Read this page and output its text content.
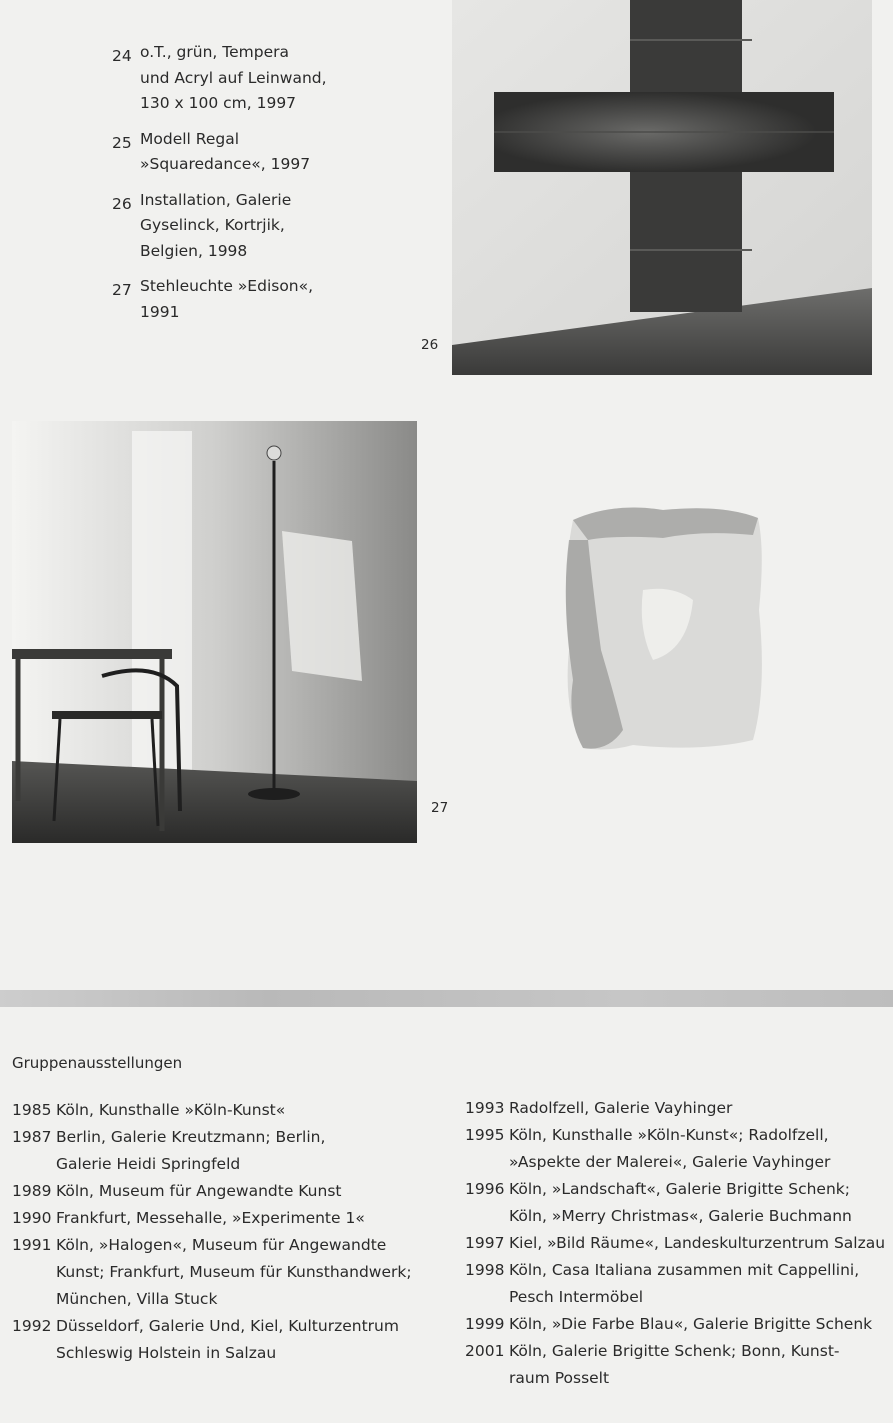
24 o.T., grün, Tempera
und Acryl auf Leinwand,
130 x 100 cm, 1997
25 Modell Regal
»Squaredance«, 1997
26 Installation, Galerie
Gyselinck, Kortrjik,
Belgien, 1998
27 Stehleuchte »Edison«,
1991
26
27
Gruppenausstellungen
1985 Köln, Kunsthalle »Köln-Kunst«
1987 Berlin, Galerie Kreutzmann; Berlin,
Galerie Heidi Springfeld
1989 Köln, Museum für Angewandte Kunst
1990 Frankfurt, Messehalle, »Experimente 1«
1991 Köln, »Halogen«, Museum für Angewandte
Kunst; Frankfurt, Museum für Kunsthandwerk;
München, Villa Stuck
1992 Düsseldorf, Galerie Und, Kiel, Kulturzentrum
Schleswig Holstein in Salzau
1993 Radolfzell, Galerie Vayhinger
1995 Köln, Kunsthalle »Köln-Kunst«; Radolfzell,
»Aspekte der Malerei«, Galerie Vayhinger
1996 Köln, »Landschaft«, Galerie Brigitte Schenk;
Köln, »Merry Christmas«, Galerie Buchmann
1997 Kiel, »Bild Räume«, Landeskulturzentrum Salzau
1998 Köln, Casa Italiana zusammen mit Cappellini,
Pesch Intermöbel
1999 Köln, »Die Farbe Blau«, Galerie Brigitte Schenk
2001 Köln, Galerie Brigitte Schenk; Bonn, Kunst-
raum Posselt
